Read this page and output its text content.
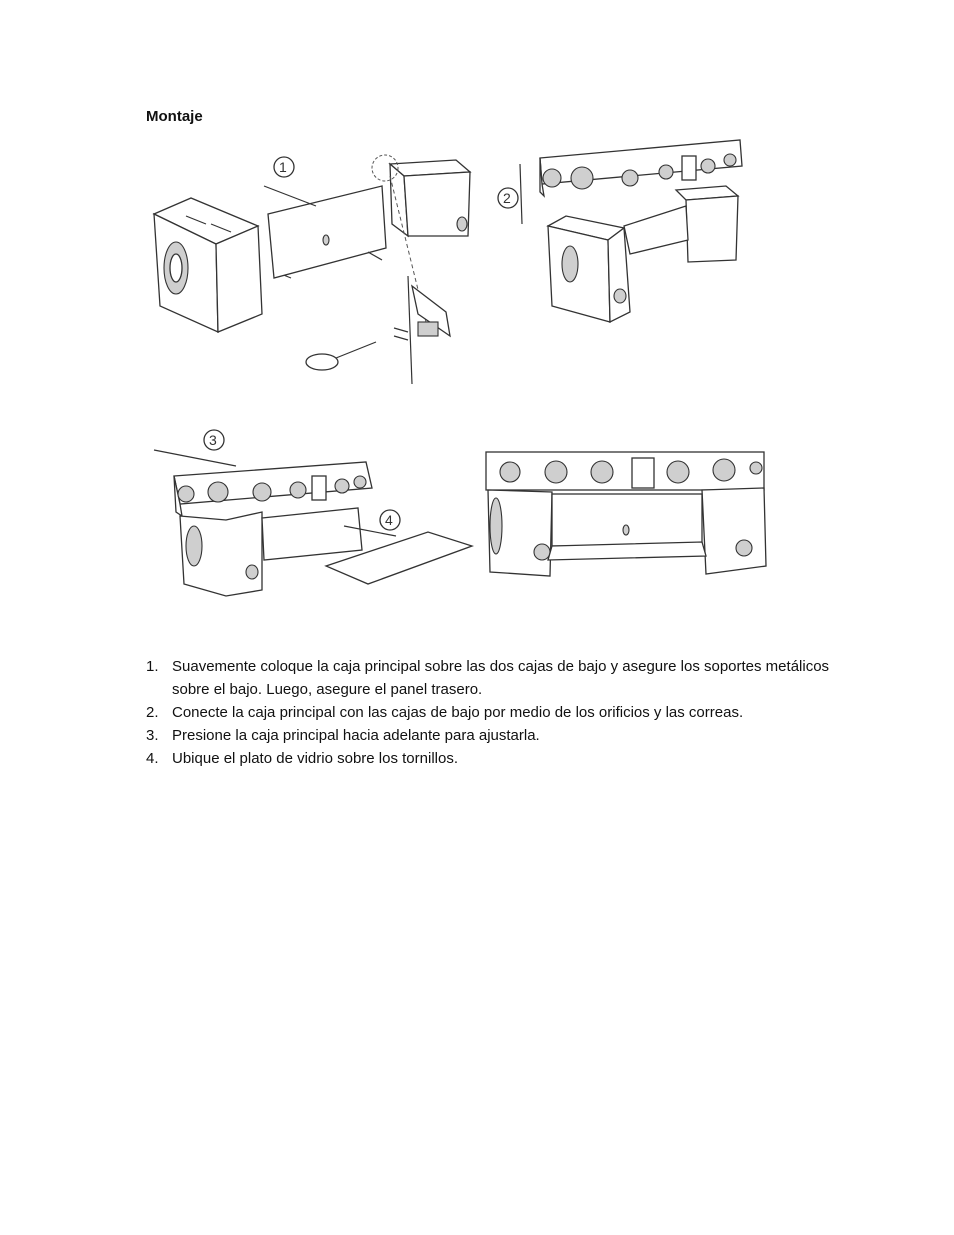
Montaje
1
2
3
4
1. Suavemente coloque la caja principal sobre las dos cajas de bajo y asegure los soportes metálicos sobre el bajo. Luego, asegure el panel trasero.
2. Conecte la caja principal con las cajas de bajo por medio de los orificios y las correas.
3. Presione la caja principal hacia adelante para ajustarla.
4. Ubique el plato de vidrio sobre los tornillos.
